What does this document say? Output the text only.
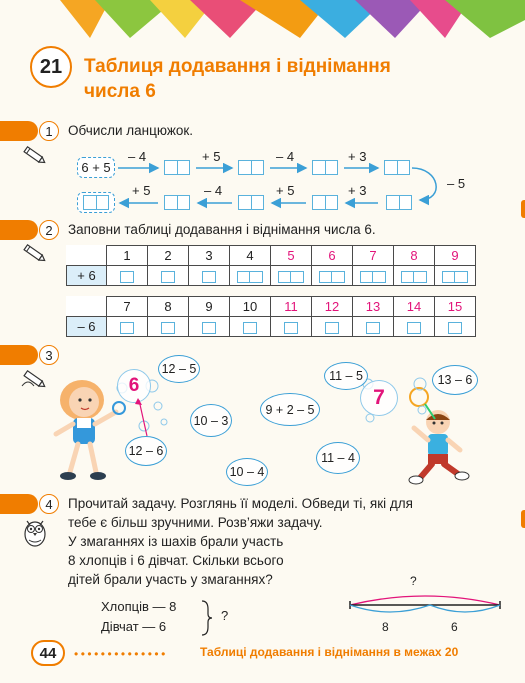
21	Таблиця додавання і віднімання числа 6
1	Обчисли ланцюжок.
6 + 5
– 4	+ 5	– 4	+ 3
– 5
+ 3
+ 5
– 4
+ 5
2	Заповни таблиці додавання і віднімання числа 6.
	1	2	3	4	5	6	7	8	9
+ 6				

	7	8	9	10	11	12	13	14	15
– 6									
3
6
7
12 – 5
12 – 6
10 – 3
10 – 4
9 + 2 – 5
11 – 4
11 – 5	13 – 6
4	Прочитай задачу. Розглянь її моделі. Обведи ті, які для
тебе є більш зручними. Розв’яжи задачу.
У змаганнях із шахів брали участь
8 хлопців і 6 дівчат. Скільки всього
дітей брали участь у змаганнях?
Хлопців — 8
Дівчат — 6
?
?
8	6
44	••••••••••••••	Таблиці додавання і віднімання в межах 20
